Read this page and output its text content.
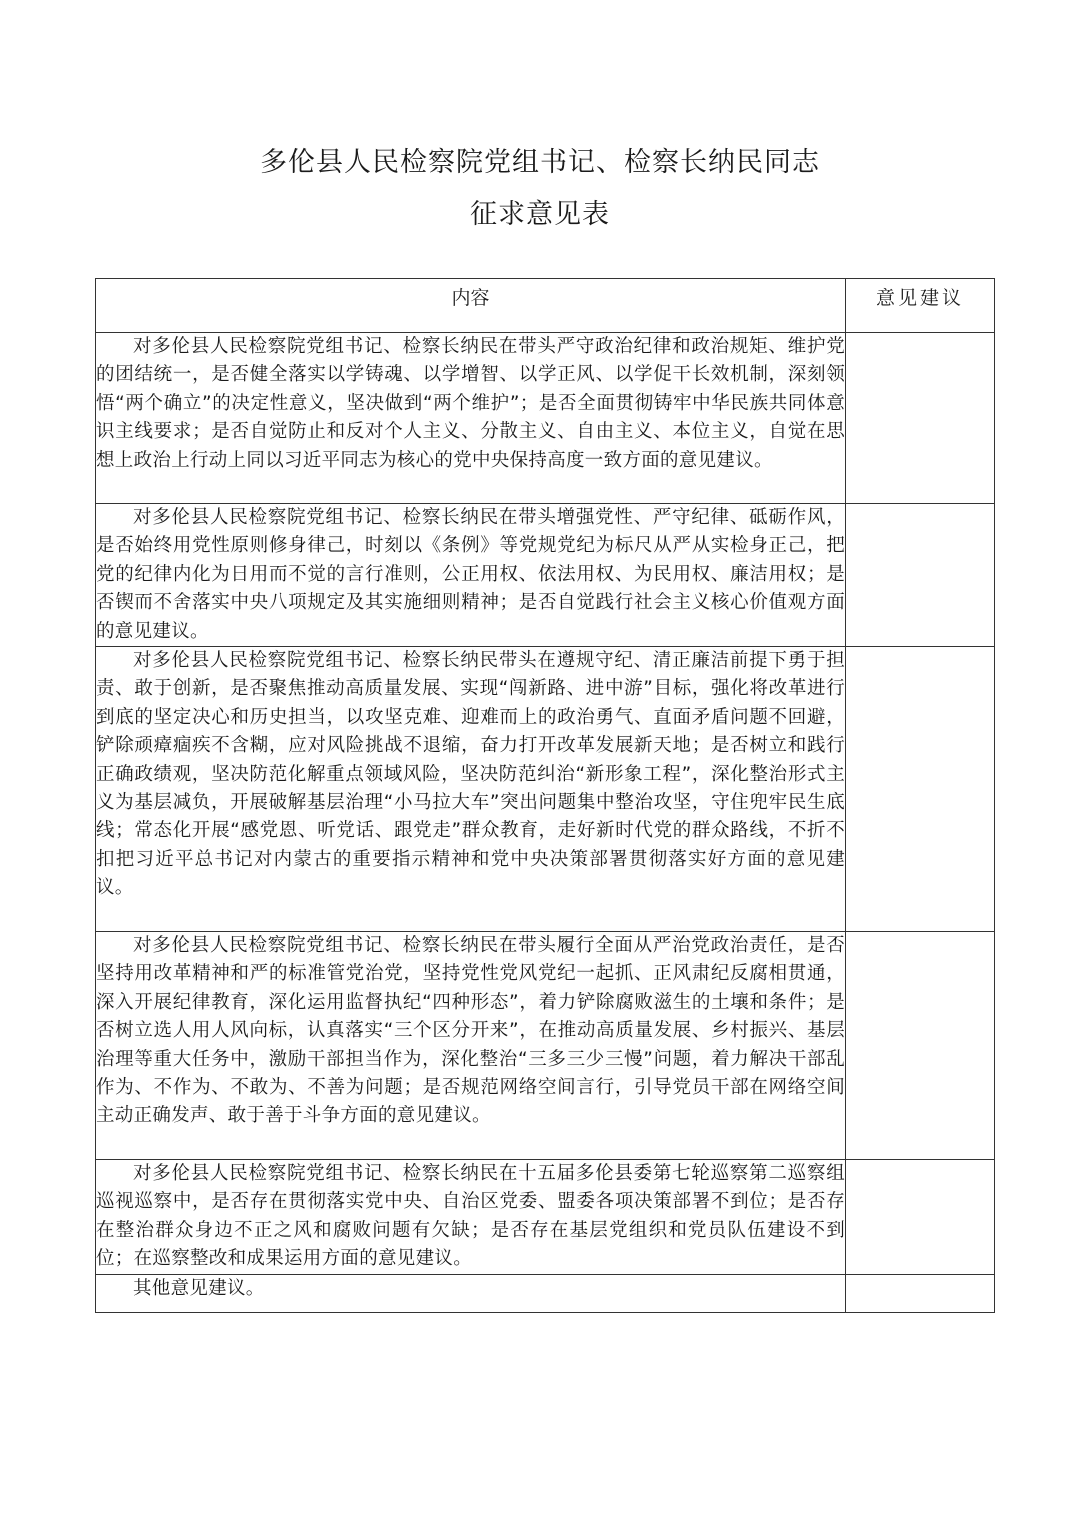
多伦县人民检察院党组书记、检察长纳民同志
征求意见表
内容	意见建议
对多伦县人民检察院党组书记、检察长纳民在带头严守政治纪律和政治规矩、维护党的团结统一，是否健全落实以学铸魂、以学增智、以学正风、以学促干长效机制，深刻领悟“两个确立”的决定性意义，坚决做到“两个维护”；是否全面贯彻铸牢中华民族共同体意识主线要求；是否自觉防止和反对个人主义、分散主义、自由主义、本位主义，自觉在思想上政治上行动上同以习近平同志为核心的党中央保持高度一致方面的意见建议。	
对多伦县人民检察院党组书记、检察长纳民在带头增强党性、严守纪律、砥砺作风，是否始终用党性原则修身律己，时刻以《条例》等党规党纪为标尺从严从实检身正己，把党的纪律内化为日用而不觉的言行准则，公正用权、依法用权、为民用权、廉洁用权；是否锲而不舍落实中央八项规定及其实施细则精神；是否自觉践行社会主义核心价值观方面的意见建议。	
对多伦县人民检察院党组书记、检察长纳民带头在遵规守纪、清正廉洁前提下勇于担责、敢于创新，是否聚焦推动高质量发展、实现“闯新路、进中游”目标，强化将改革进行到底的坚定决心和历史担当，以攻坚克难、迎难而上的政治勇气、直面矛盾问题不回避，铲除顽瘴痼疾不含糊，应对风险挑战不退缩，奋力打开改革发展新天地；是否树立和践行正确政绩观，坚决防范化解重点领域风险，坚决防范纠治“新形象工程”，深化整治形式主义为基层减负，开展破解基层治理“小马拉大车”突出问题集中整治攻坚，守住兜牢民生底线；常态化开展“感党恩、听党话、跟党走”群众教育，走好新时代党的群众路线，不折不扣把习近平总书记对内蒙古的重要指示精神和党中央决策部署贯彻落实好方面的意见建议。	
对多伦县人民检察院党组书记、检察长纳民在带头履行全面从严治党政治责任，是否坚持用改革精神和严的标准管党治党，坚持党性党风党纪一起抓、正风肃纪反腐相贯通，深入开展纪律教育，深化运用监督执纪“四种形态”，着力铲除腐败滋生的土壤和条件；是否树立选人用人风向标，认真落实“三个区分开来”，在推动高质量发展、乡村振兴、基层治理等重大任务中，激励干部担当作为，深化整治“三多三少三慢”问题，着力解决干部乱作为、不作为、不敢为、不善为问题；是否规范网络空间言行，引导党员干部在网络空间主动正确发声、敢于善于斗争方面的意见建议。	
对多伦县人民检察院党组书记、检察长纳民在十五届多伦县委第七轮巡察第二巡察组巡视巡察中，是否存在贯彻落实党中央、自治区党委、盟委各项决策部署不到位；是否存在整治群众身边不正之风和腐败问题有欠缺；是否存在基层党组织和党员队伍建设不到位；在巡察整改和成果运用方面的意见建议。	
其他意见建议。	
